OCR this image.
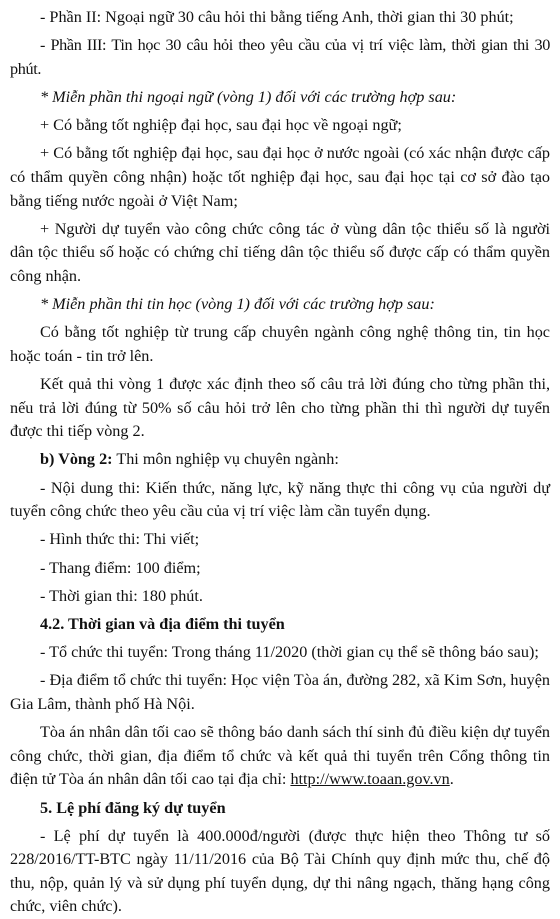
- Phần II: Ngoại ngữ 30 câu hỏi thi bằng tiếng Anh, thời gian thi 30 phút;

- Phần III: Tin học 30 câu hỏi theo yêu cầu của vị trí việc làm, thời gian thi 30 phút.

* Miễn phần thi ngoại ngữ (vòng 1) đối với các trường hợp sau:

+ Có bằng tốt nghiệp đại học, sau đại học về ngoại ngữ;

+ Có bằng tốt nghiệp đại học, sau đại học ở nước ngoài (có xác nhận được cấp có thẩm quyền công nhận) hoặc tốt nghiệp đại học, sau đại học tại cơ sở đào tạo bằng tiếng nước ngoài ở Việt Nam;

+ Người dự tuyển vào công chức công tác ở vùng dân tộc thiểu số là người dân tộc thiểu số hoặc có chứng chỉ tiếng dân tộc thiểu số được cấp có thẩm quyền công nhận.

* Miễn phần thi tin học (vòng 1) đối với các trường hợp sau:

Có bằng tốt nghiệp từ trung cấp chuyên ngành công nghệ thông tin, tin học hoặc toán - tin trở lên.

Kết quả thi vòng 1 được xác định theo số câu trả lời đúng cho từng phần thi, nếu trả lời đúng từ 50% số câu hỏi trở lên cho từng phần thi thì người dự tuyển được thi tiếp vòng 2.

b) Vòng 2: Thi môn nghiệp vụ chuyên ngành:

- Nội dung thi: Kiến thức, năng lực, kỹ năng thực thi công vụ của người dự tuyển công chức theo yêu cầu của vị trí việc làm cần tuyển dụng.

- Hình thức thi: Thi viết;

- Thang điểm: 100 điểm;

- Thời gian thi: 180 phút.

4.2. Thời gian và địa điểm thi tuyển

- Tổ chức thi tuyển: Trong tháng 11/2020 (thời gian cụ thể sẽ thông báo sau);

- Địa điểm tổ chức thi tuyển: Học viện Tòa án, đường 282, xã Kim Sơn, huyện Gia Lâm, thành phố Hà Nội.

Tòa án nhân dân tối cao sẽ thông báo danh sách thí sinh đủ điều kiện dự tuyển công chức, thời gian, địa điểm tổ chức và kết quả thi tuyển trên Cổng thông tin điện tử Tòa án nhân dân tối cao tại địa chỉ: http://www.toaan.gov.vn.

5. Lệ phí đăng ký dự tuyển

- Lệ phí dự tuyển là 400.000đ/người (được thực hiện theo Thông tư số 228/2016/TT-BTC ngày 11/11/2016 của Bộ Tài Chính quy định mức thu, chế độ thu, nộp, quản lý và sử dụng phí tuyển dụng, dự thi nâng ngạch, thăng hạng công chức, viên chức).
